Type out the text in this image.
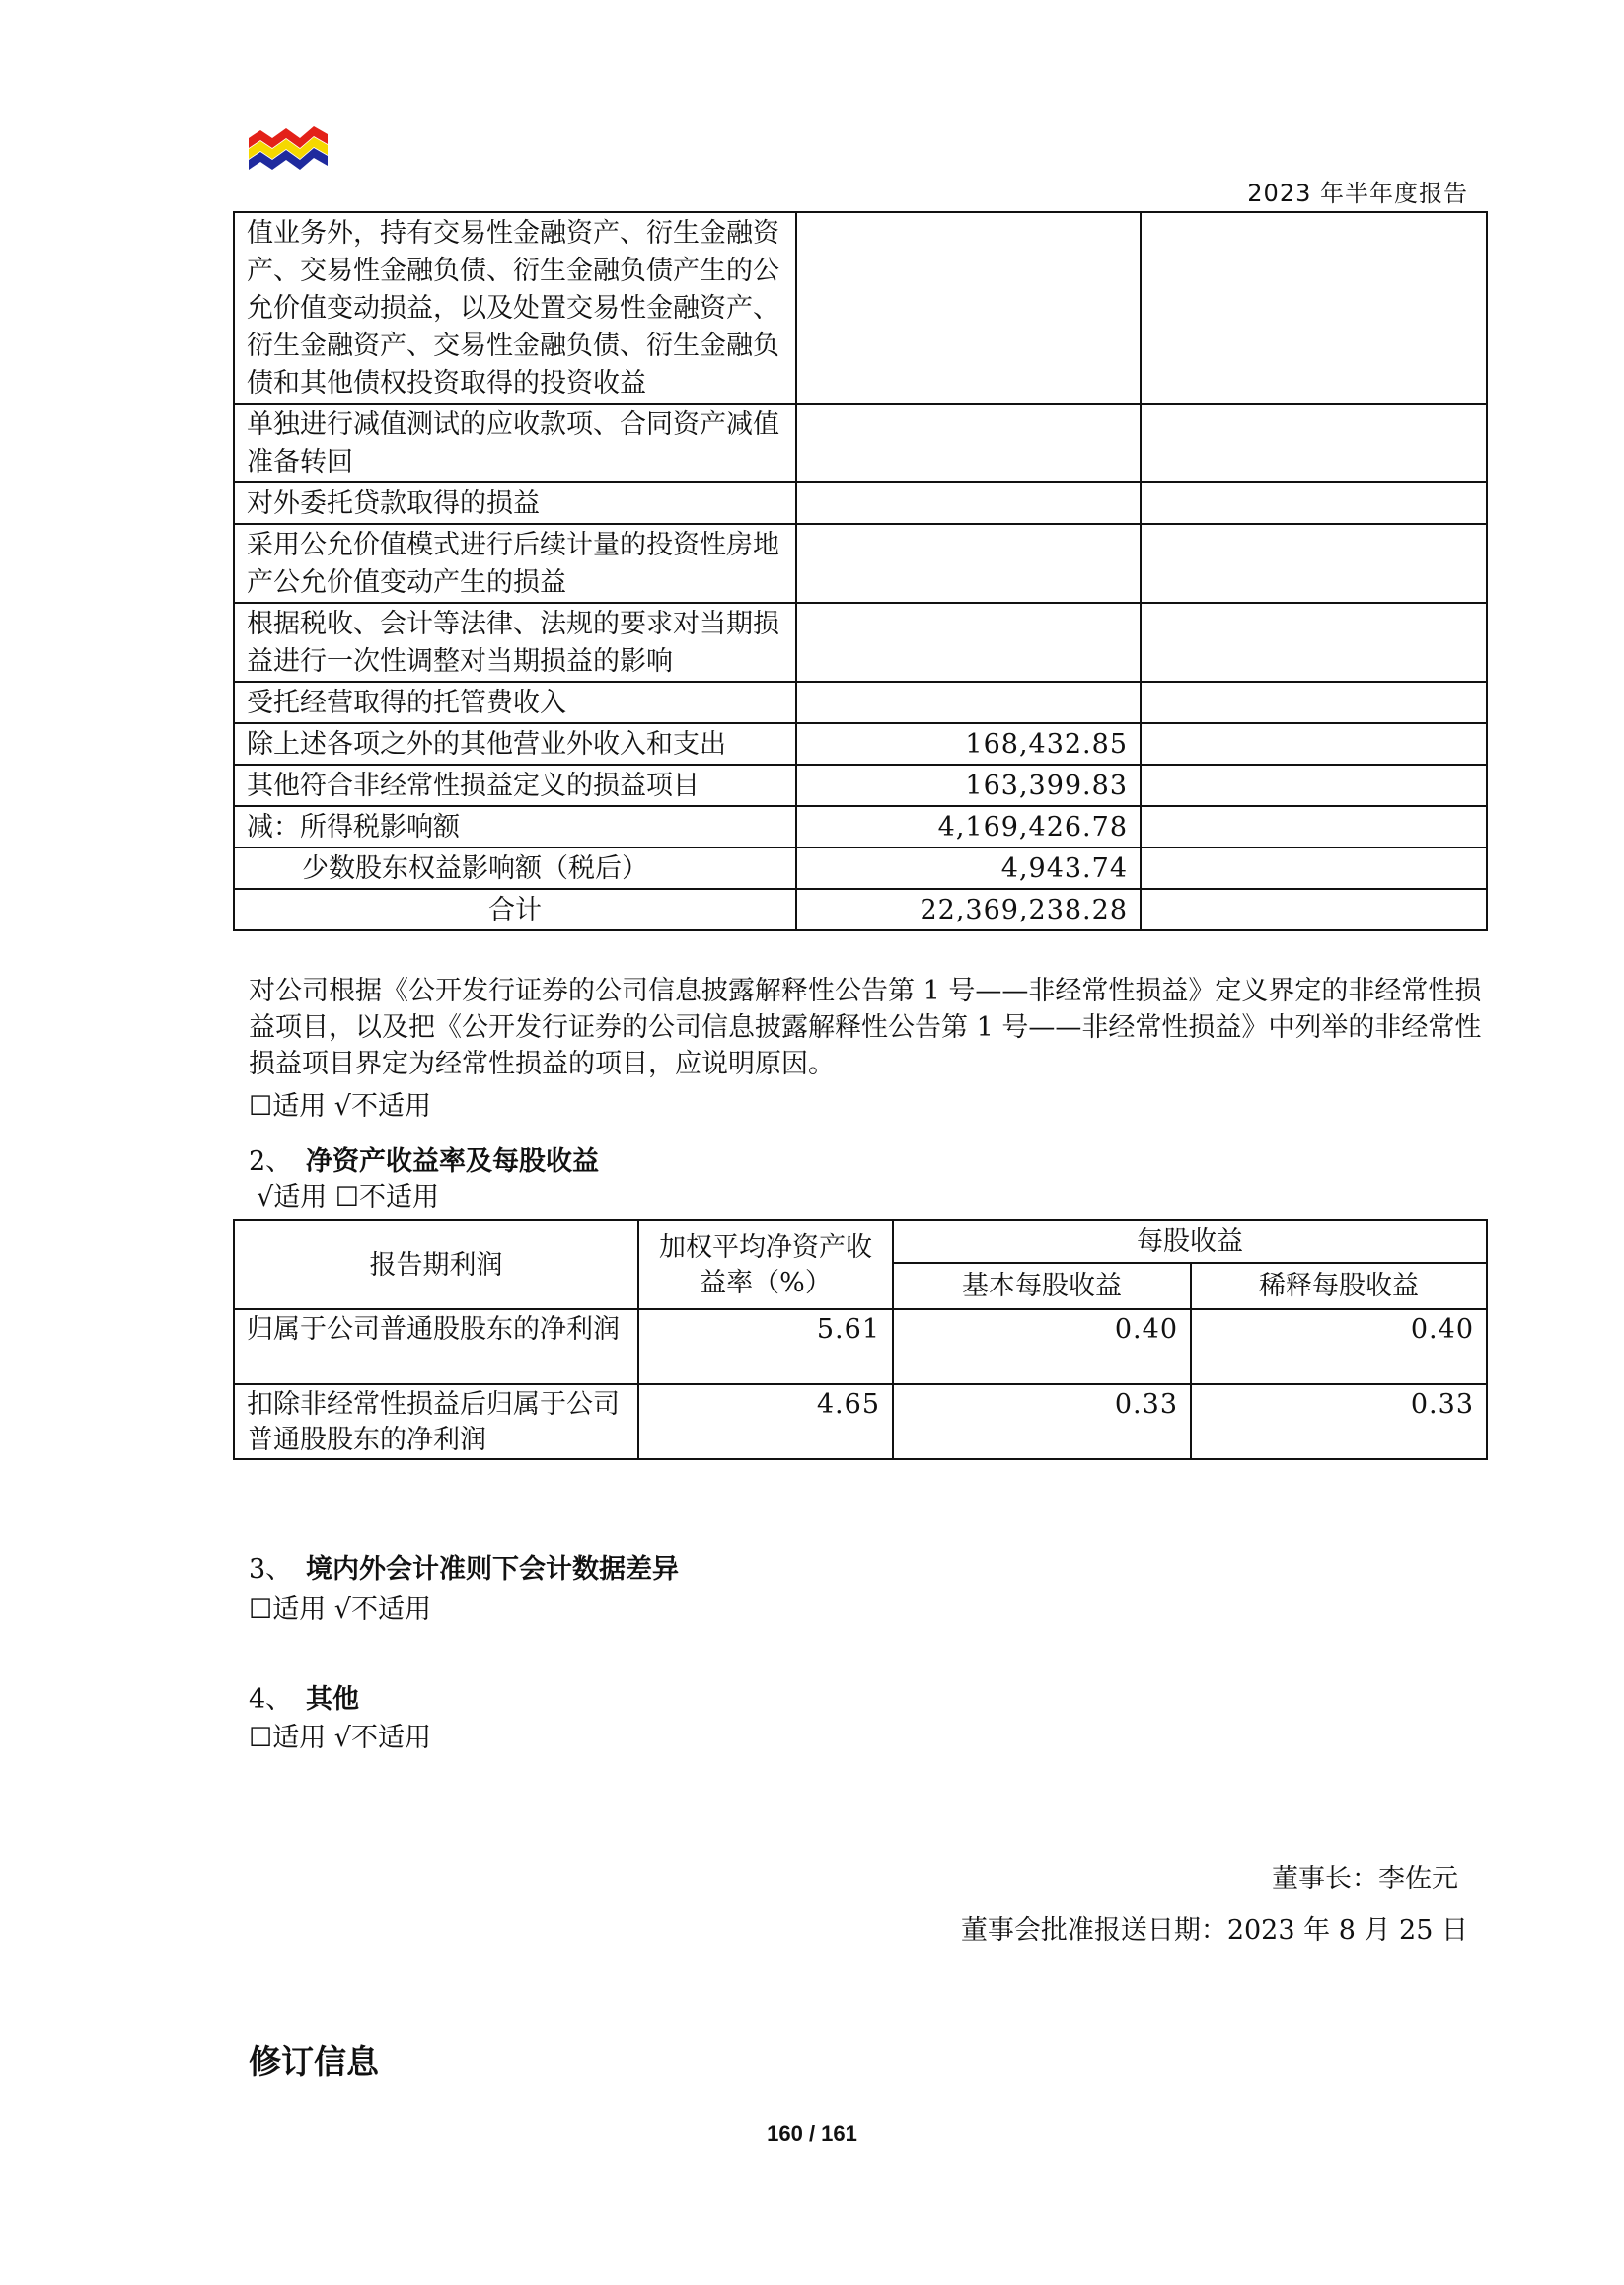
2023 年半年度报告
值业务外，持有交易性金融资产、衍生金融资产、交易性金融负债、衍生金融负债产生的公允价值变动损益，以及处置交易性金融资产、衍生金融资产、交易性金融负债、衍生金融负债和其他债权投资取得的投资收益		
单独进行减值测试的应收款项、合同资产减值准备转回		
对外委托贷款取得的损益		
采用公允价值模式进行后续计量的投资性房地产公允价值变动产生的损益		
根据税收、会计等法律、法规的要求对当期损益进行一次性调整对当期损益的影响		
受托经营取得的托管费收入		
除上述各项之外的其他营业外收入和支出	168,432.85	
其他符合非经常性损益定义的损益项目	163,399.83	
减：所得税影响额	4,169,426.78	
少数股东权益影响额（税后）	4,943.74	
合计	22,369,238.28	
对公司根据《公开发行证券的公司信息披露解释性公告第 1 号——非经常性损益》定义界定的非经常性损益项目，以及把《公开发行证券的公司信息披露解释性公告第 1 号——非经常性损益》中列举的非经常性损益项目界定为经常性损益的项目，应说明原因。
☐适用 √不适用
2、 净资产收益率及每股收益
√适用 ☐不适用
报告期利润	加权平均净资产收益率（%）	每股收益	
		基本每股收益	稀释每股收益
归属于公司普通股股东的净利润	5.61	0.40	0.40
扣除非经常性损益后归属于公司普通股股东的净利润	4.65	0.33	0.33
3、 境内外会计准则下会计数据差异
☐适用 √不适用
4、 其他
☐适用 √不适用
董事长：李佐元
董事会批准报送日期：2023 年 8 月 25 日
修订信息
160 / 161
